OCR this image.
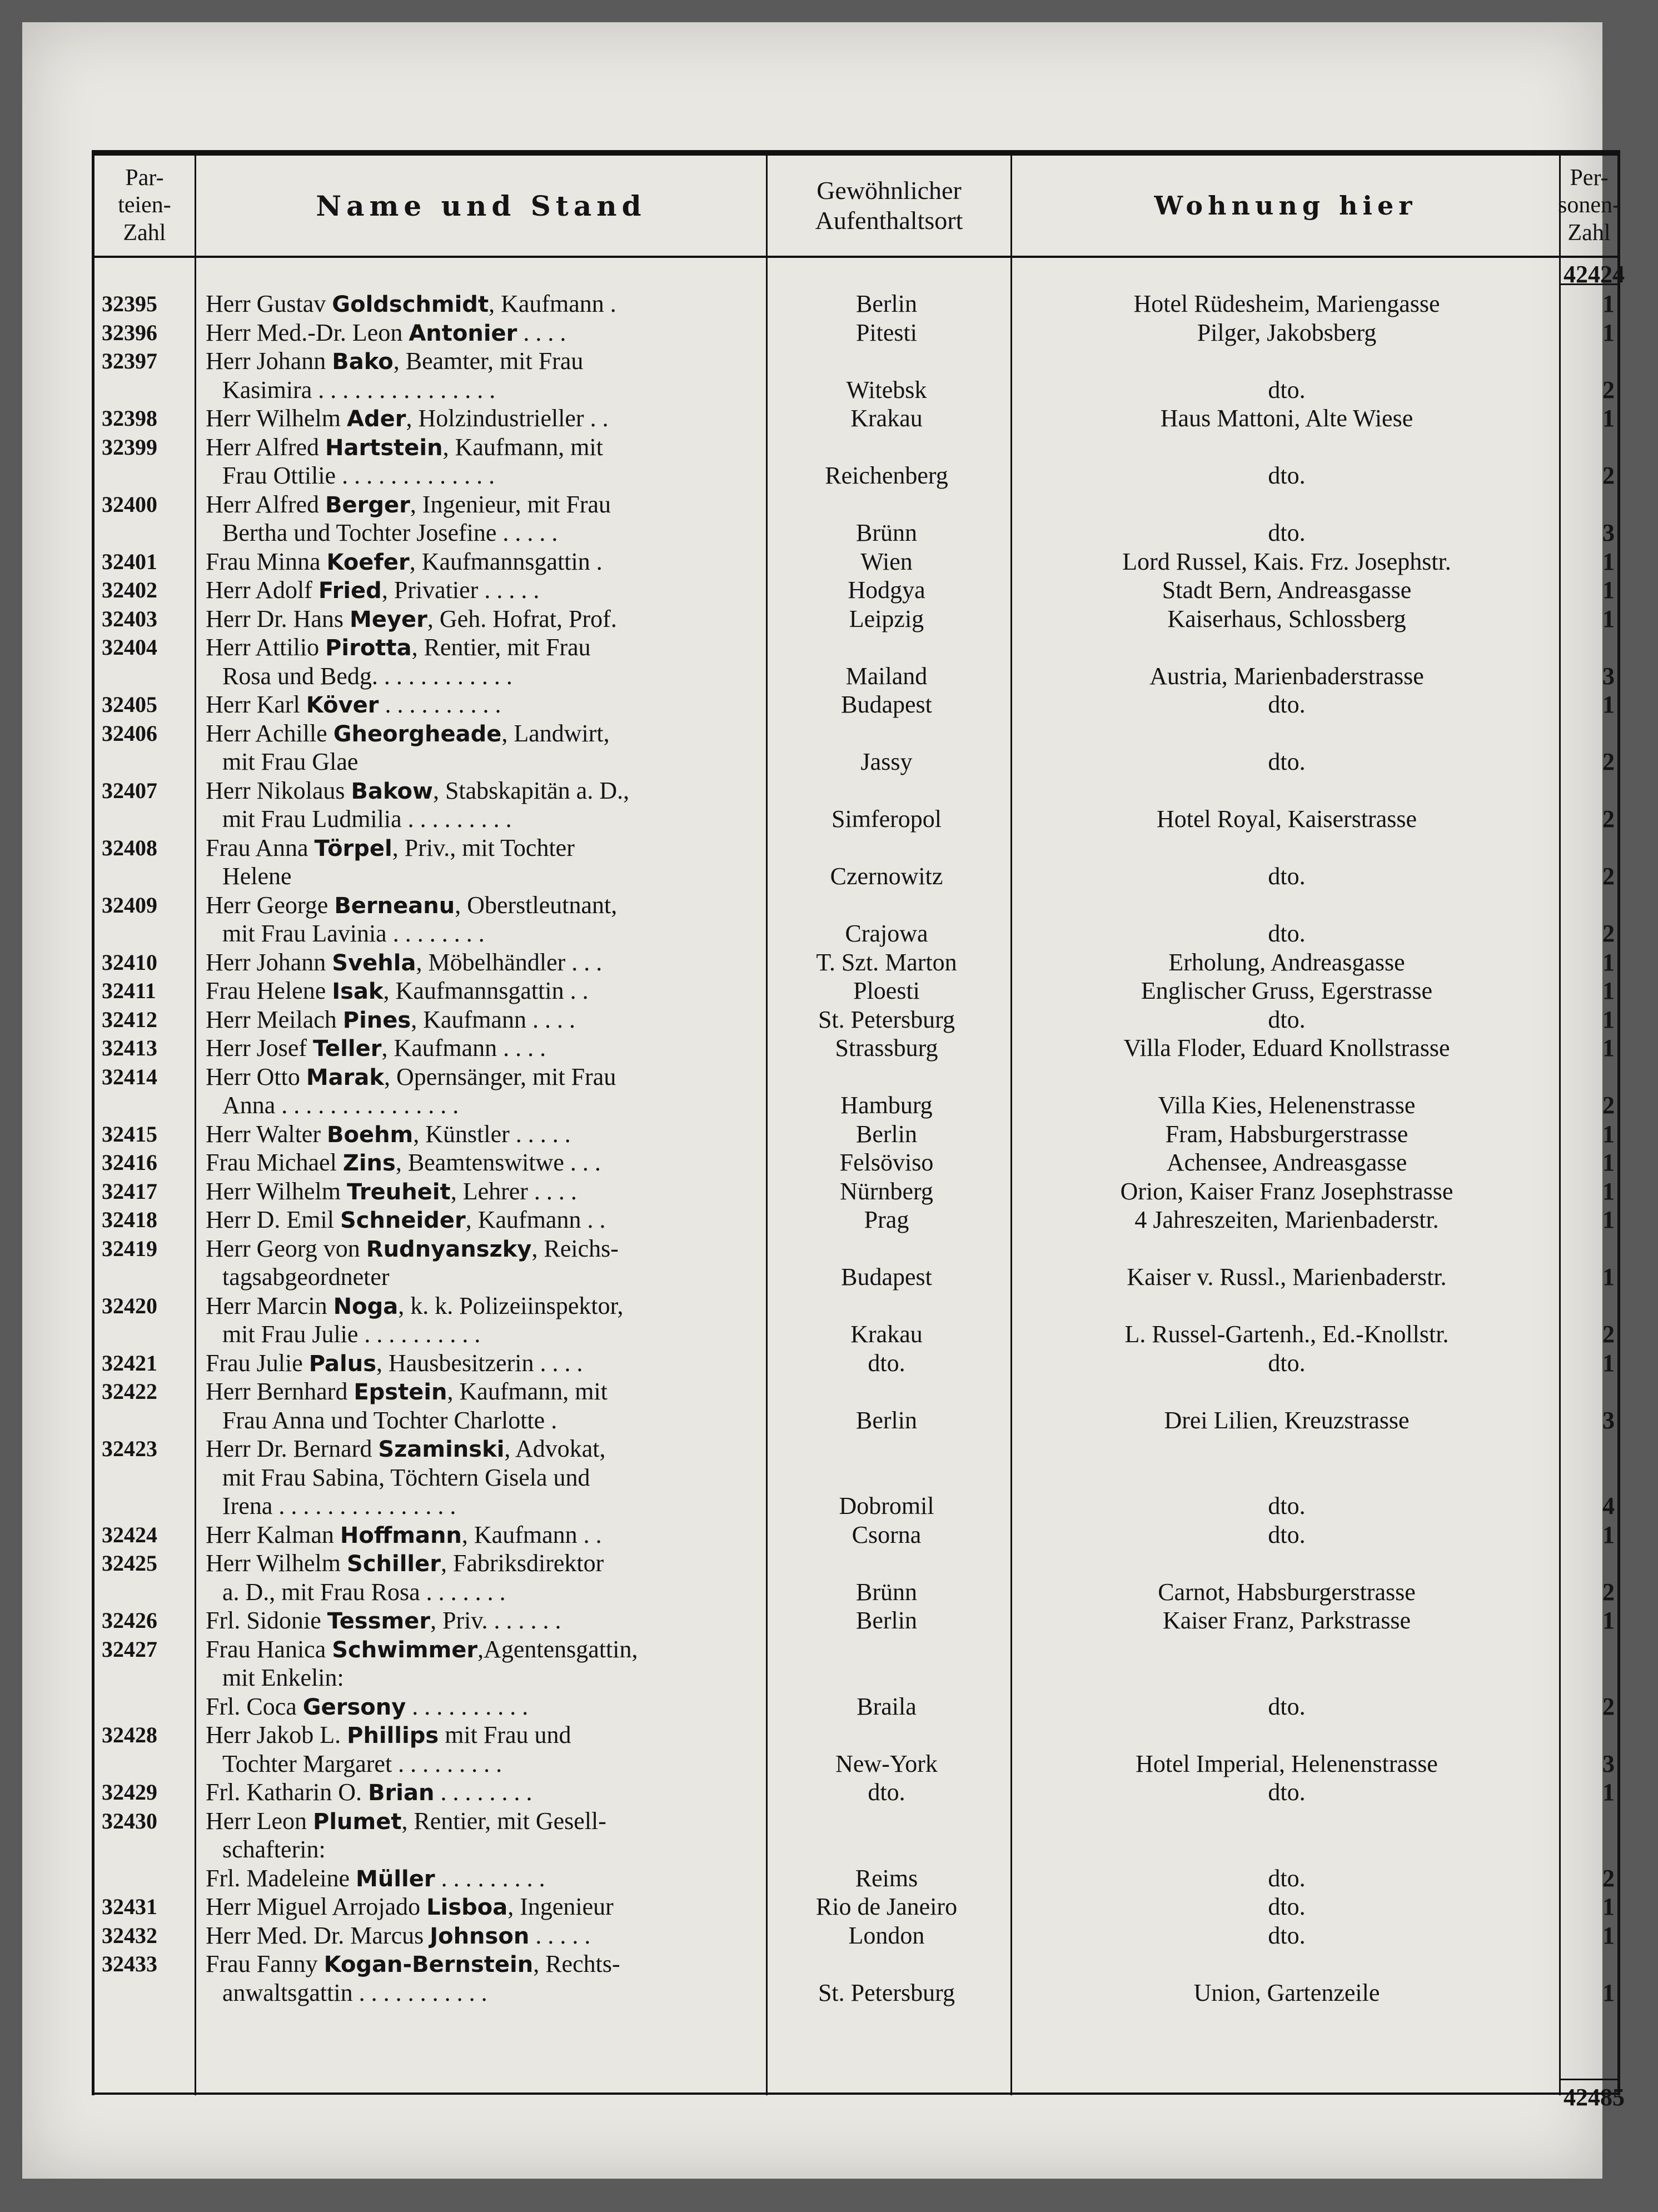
Par-
teien-
Zahl
Name und Stand	Gewöhnlicher
Aufenthaltsort	Wohnung hier
Per-
sonen-
Zahl
42424
42485
32395 Herr Gustav Goldschmidt, Kaufmann .	Berlin	Hotel Rüdesheim, Mariengasse	1
32396 Herr Med.-Dr. Leon Antonier . . . .	Pitesti	Pilger, Jakobsberg	1
32397 Herr Johann Bako, Beamter, mit Frau
Kasimira . . . . . . . . . . . . . . .	Witebsk	dto.	2
32398 Herr Wilhelm Ader, Holzindustrieller . .	Krakau	Haus Mattoni, Alte Wiese	1
32399 Herr Alfred Hartstein, Kaufmann, mit
Frau Ottilie . . . . . . . . . . . . .	Reichenberg	dto.	2
32400 Herr Alfred Berger, Ingenieur, mit Frau
Bertha und Tochter Josefine . . . . .	Brünn	dto.	3
32401 Frau Minna Koefer, Kaufmannsgattin .	Wien	Lord Russel, Kais. Frz. Josephstr.	1
32402 Herr Adolf Fried, Privatier . . . . .	Hodgya	Stadt Bern, Andreasgasse	1
32403 Herr Dr. Hans Meyer, Geh. Hofrat, Prof.	Leipzig	Kaiserhaus, Schlossberg	1
32404 Herr Attilio Pirotta, Rentier, mit Frau
Rosa und Bedg. . . . . . . . . . . .	Mailand	Austria, Marienbaderstrasse	3
32405 Herr Karl Köver . . . . . . . . . .	Budapest	dto.	1
32406 Herr Achille Gheorgheade, Landwirt,
mit Frau Glae	Jassy	dto.	2
32407 Herr Nikolaus Bakow, Stabskapitän a. D.,
mit Frau Ludmilia . . . . . . . . .	Simferopol	Hotel Royal, Kaiserstrasse	2
32408 Frau Anna Törpel, Priv., mit Tochter
Helene	Czernowitz	dto.	2
32409 Herr George Berneanu, Oberstleutnant,
mit Frau Lavinia . . . . . . . .	Crajowa	dto.	2
32410 Herr Johann Svehla, Möbelhändler . . .	T. Szt. Marton	Erholung, Andreasgasse	1
32411 Frau Helene Isak, Kaufmannsgattin . .	Ploesti	Englischer Gruss, Egerstrasse	1
32412 Herr Meilach Pines, Kaufmann . . . .	St. Petersburg	dto.	1
32413 Herr Josef Teller, Kaufmann . . . .	Strassburg	Villa Floder, Eduard Knollstrasse	1
32414 Herr Otto Marak, Opernsänger, mit Frau
Anna . . . . . . . . . . . . . . .	Hamburg	Villa Kies, Helenenstrasse	2
32415 Herr Walter Boehm, Künstler . . . . .	Berlin	Fram, Habsburgerstrasse	1
32416 Frau Michael Zins, Beamtenswitwe . . .	Felsöviso	Achensee, Andreasgasse	1
32417 Herr Wilhelm Treuheit, Lehrer . . . .	Nürnberg	Orion, Kaiser Franz Josephstrasse	1
32418 Herr D. Emil Schneider, Kaufmann . .	Prag	4 Jahreszeiten, Marienbaderstr.	1
32419 Herr Georg von Rudnyanszky, Reichs-
tagsabgeordneter	Budapest	Kaiser v. Russl., Marienbaderstr.	1
32420 Herr Marcin Noga, k. k. Polizeiinspektor,
mit Frau Julie . . . . . . . . . .	Krakau	L. Russel-Gartenh., Ed.-Knollstr.	2
32421 Frau Julie Palus, Hausbesitzerin . . . .	dto.	dto.	1
32422 Herr Bernhard Epstein, Kaufmann, mit
Frau Anna und Tochter Charlotte .	Berlin	Drei Lilien, Kreuzstrasse	3
32423 Herr Dr. Bernard Szaminski, Advokat,
mit Frau Sabina, Töchtern Gisela und
Irena . . . . . . . . . . . . . . .	Dobromil	dto.	4
32424 Herr Kalman Hoffmann, Kaufmann . .	Csorna	dto.	1
32425 Herr Wilhelm Schiller, Fabriksdirektor
a. D., mit Frau Rosa . . . . . . .	Brünn	Carnot, Habsburgerstrasse	2
32426 Frl. Sidonie Tessmer, Priv. . . . . . .	Berlin	Kaiser Franz, Parkstrasse	1
32427 Frau Hanica Schwimmer,Agentensgattin,
mit Enkelin:
Frl. Coca Gersony . . . . . . . . . .	Braila	dto.	2
32428 Herr Jakob L. Phillips mit Frau und
Tochter Margaret . . . . . . . . .	New-York	Hotel Imperial, Helenenstrasse	3
32429 Frl. Katharin O. Brian . . . . . . . .	dto.	dto.	1
32430 Herr Leon Plumet, Rentier, mit Gesell-
schafterin:
Frl. Madeleine Müller . . . . . . . . .	Reims	dto.	2
32431 Herr Miguel Arrojado Lisboa, Ingenieur	Rio de Janeiro	dto.	1
32432 Herr Med. Dr. Marcus Johnson . . . . .	London	dto.	1
32433 Frau Fanny Kogan-Bernstein, Rechts-
anwaltsgattin . . . . . . . . . . .	St. Petersburg	Union, Gartenzeile	1
